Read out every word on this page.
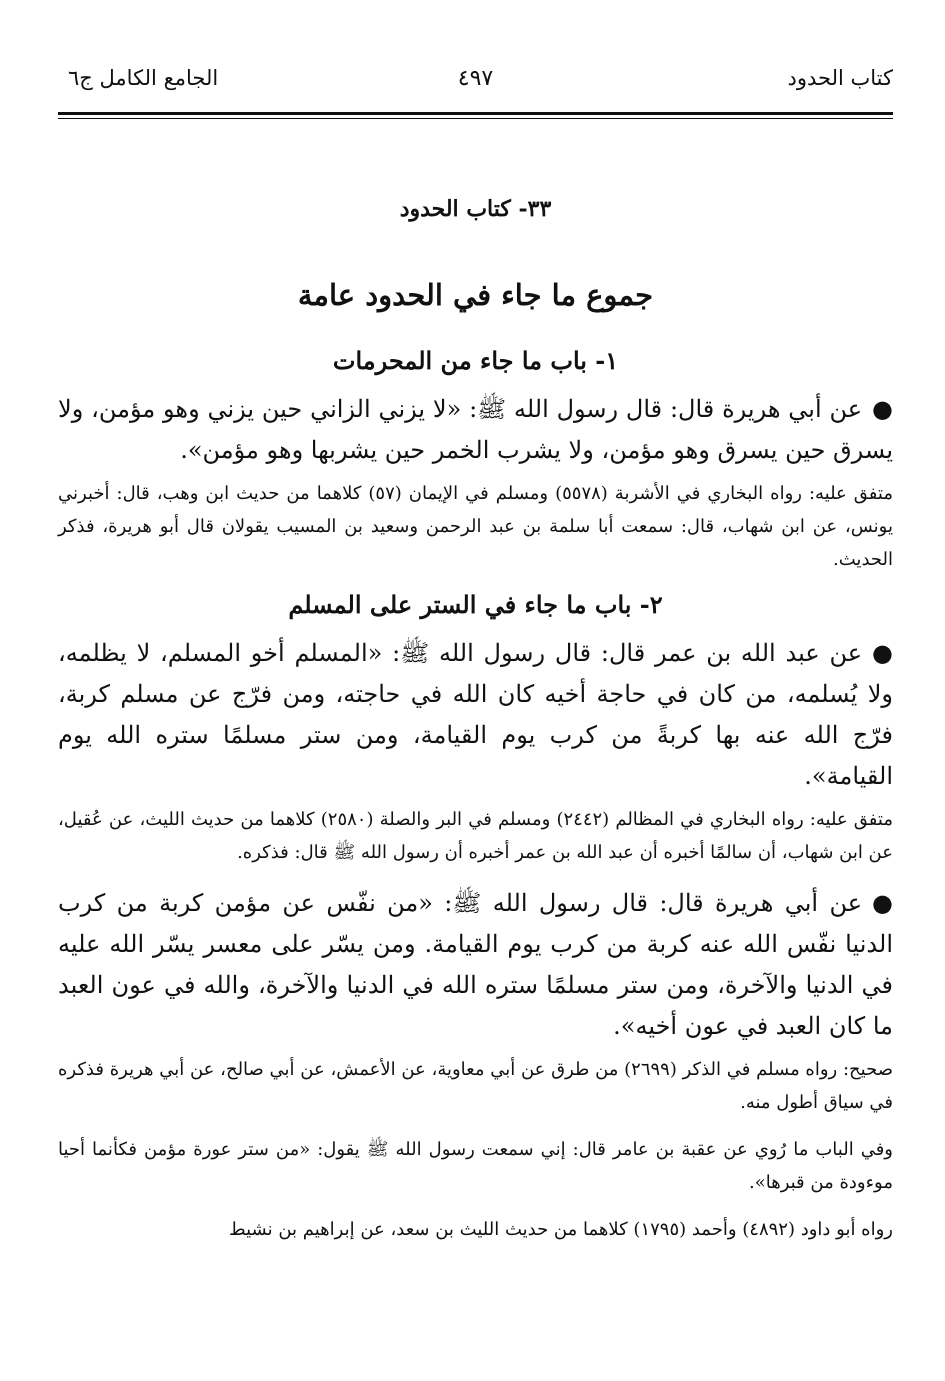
كتاب الحدود
٤٩٧
الجامع الكامل ج٦
٣٣- كتاب الحدود
جموع ما جاء في الحدود عامة
١- باب ما جاء من المحرمات

●عن أبي هريرة قال: قال رسول الله ﷺ: «لا يزني الزاني حين يزني وهو مؤمن، ولا يسرق حين يسرق وهو مؤمن، ولا يشرب الخمر حين يشربها وهو مؤمن».

متفق عليه: رواه البخاري في الأشربة (٥٥٧٨) ومسلم في الإيمان (٥٧) كلاهما من حديث ابن وهب، قال: أخبرني يونس، عن ابن شهاب، قال: سمعت أبا سلمة بن عبد الرحمن وسعيد بن المسيب يقولان قال أبو هريرة، فذكر الحديث.

٢- باب ما جاء في الستر على المسلم

●عن عبد الله بن عمر قال: قال رسول الله ﷺ: «المسلم أخو المسلم، لا يظلمه، ولا يُسلمه، من كان في حاجة أخيه كان الله في حاجته، ومن فرّج عن مسلم كربة، فرّج الله عنه بها كربةً من كرب يوم القيامة، ومن ستر مسلمًا ستره الله يوم القيامة».

متفق عليه: رواه البخاري في المظالم (٢٤٤٢) ومسلم في البر والصلة (٢٥٨٠) كلاهما من حديث الليث، عن عُقيل، عن ابن شهاب، أن سالمًا أخبره أن عبد الله بن عمر أخبره أن رسول الله ﷺ قال: فذكره.

●عن أبي هريرة قال: قال رسول الله ﷺ: «من نفّس عن مؤمن كربة من كرب الدنيا نفّس الله عنه كربة من كرب يوم القيامة. ومن يسّر على معسر يسّر الله عليه في الدنيا والآخرة، ومن ستر مسلمًا ستره الله في الدنيا والآخرة، والله في عون العبد ما كان العبد في عون أخيه».

صحيح: رواه مسلم في الذكر (٢٦٩٩) من طرق عن أبي معاوية، عن الأعمش، عن أبي صالح، عن أبي هريرة فذكره في سياق أطول منه.

وفي الباب ما رُوي عن عقبة بن عامر قال: إني سمعت رسول الله ﷺ يقول: «من ستر عورة مؤمن فكأنما أحيا موءودة من قبرها».

رواه أبو داود (٤٨٩٢) وأحمد (١٧٩٥) كلاهما من حديث الليث بن سعد، عن إبراهيم بن نشيط
